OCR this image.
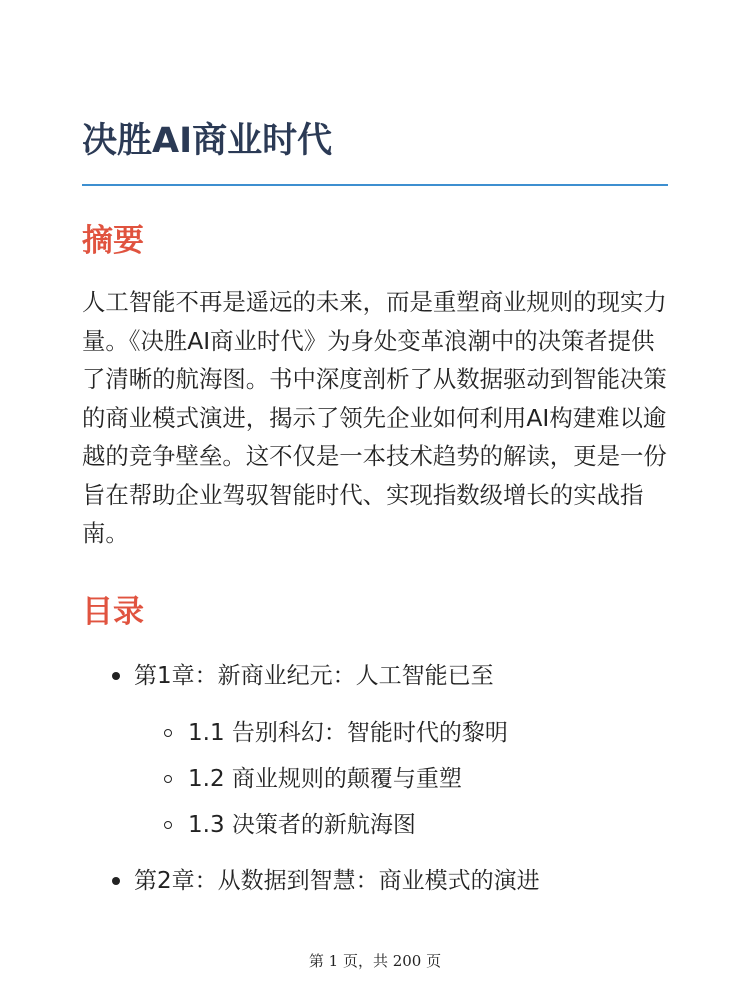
决胜AI商业时代
摘要

人工智能不再是遥远的未来，而是重塑商业规则的现实力量。《决胜AI商业时代》为身处变革浪潮中的决策者提供了清晰的航海图。书中深度剖析了从数据驱动到智能决策的商业模式演进，揭示了领先企业如何利用AI构建难以逾越的竞争壁垒。这不仅是一本技术趋势的解读，更是一份旨在帮助企业驾驭智能时代、实现指数级增长的实战指南。

目录
第1章：新商业纪元：人工智能已至
1.1 告别科幻：智能时代的黎明
1.2 商业规则的颠覆与重塑
1.3 决策者的新航海图
第2章：从数据到智慧：商业模式的演进
第 1 页，共 200 页
